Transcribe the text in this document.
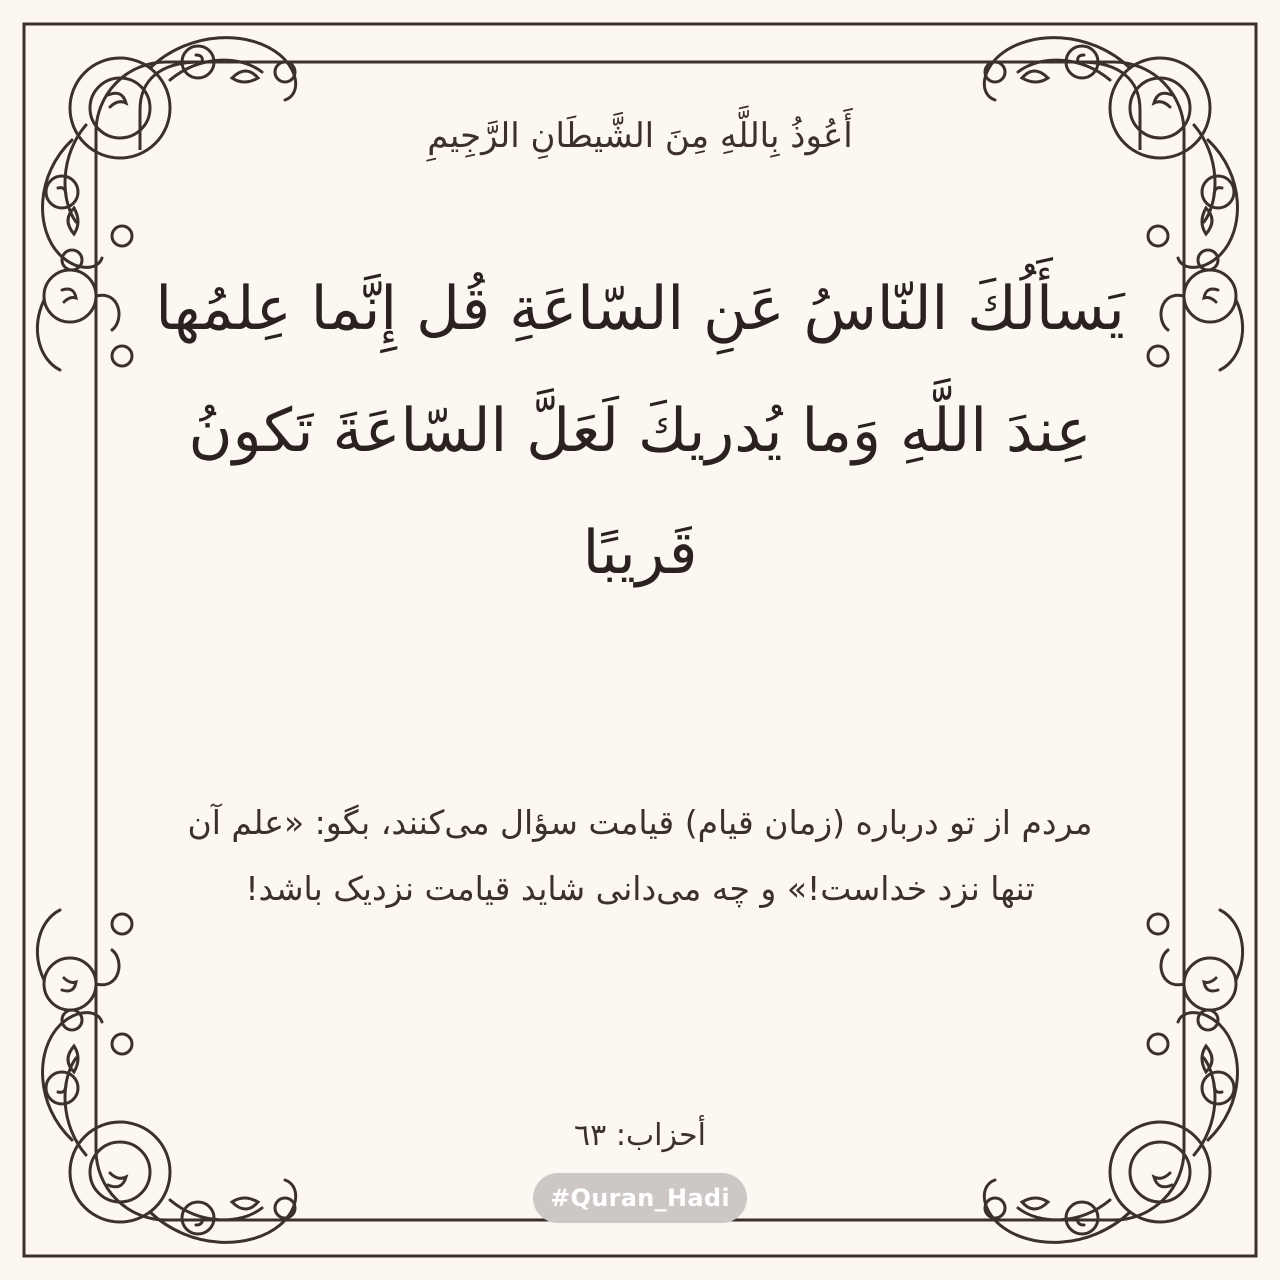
أَعُوذُ بِاللَّهِ مِنَ الشَّيطَانِ الرَّجِيمِ
يَسأَلُكَ النّاسُ عَنِ السّاعَةِ قُل إِنَّما عِلمُها عِندَ اللَّهِ وَما يُدريكَ لَعَلَّ السّاعَةَ تَكونُ قَريبًا
مردم از تو درباره (زمان قیام) قیامت سؤال می‌کنند، بگو: «علم آن تنها نزد خداست!» و چه می‌دانی شاید قیامت نزدیک باشد!
أحزاب: ٦٣
#Quran_Hadi
